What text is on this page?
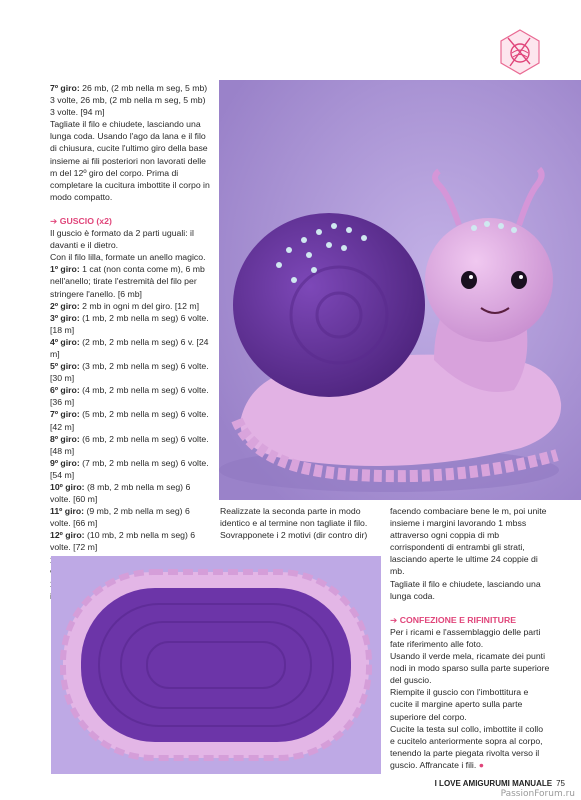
7º giro: 26 mb, (2 mb nella m seg, 5 mb) 3 volte, 26 mb, (2 mb nella m seg, 5 mb) 3 volte. [94 m]

Tagliate il filo e chiudete, lasciando una lunga coda. Usando l'ago da lana e il filo di chiusura, cucite l'ultimo giro della base insieme ai fili posteriori non lavorati delle m del 12º giro del corpo. Prima di completare la cucitura imbottite il corpo in modo compatto.

➔ GUSCIO (x2)

Il guscio è formato da 2 parti uguali: il davanti e il dietro.

Con il filo lilla, formate un anello magico.

1º giro: 1 cat (non conta come m), 6 mb nell'anello; tirate l'estremità del filo per stringere l'anello. [6 mb]

2º giro: 2 mb in ogni m del giro. [12 m]

3º giro: (1 mb, 2 mb nella m seg) 6 volte. [18 m]

4º giro: (2 mb, 2 mb nella m seg) 6 v. [24 m]

5º giro: (3 mb, 2 mb nella m seg) 6 volte. [30 m]

6º giro: (4 mb, 2 mb nella m seg) 6 volte. [36 m]

7º giro: (5 mb, 2 mb nella m seg) 6 volte. [42 m]

8º giro: (6 mb, 2 mb nella m seg) 6 volte. [48 m]

9º giro: (7 mb, 2 mb nella m seg) 6 volte. [54 m]

10º giro: (8 mb, 2 mb nella m seg) 6 volte. [60 m]

11º giro: (9 mb, 2 mb nella m seg) 6 volte. [66 m]

12º giro: (10 mb, 2 mb nella m seg) 6 volte. [72 m]

Realizzate la seconda parte in modo identico e al termine non tagliate il filo. Sovrapponete i 2 motivi (dir contro dir)

facendo combaciare bene le m, poi unite insieme i margini lavorando 1 mbss attraverso ogni coppia di mb corrispondenti di entrambi gli strati, lasciando aperte le ultime 24 coppie di mb.

Tagliate il filo e chiudete, lasciando una lunga coda.

➔ CONFEZIONE E RIFINITURE

Per i ricami e l'assemblaggio delle parti fate riferimento alle foto.

Usando il verde mela, ricamate dei punti nodi in modo sparso sulla parte superiore del guscio.

Riempite il guscio con l'imbottitura e cucite il margine aperto sulla parte superiore del corpo.

Cucite la testa sul collo, imbottite il collo e cucitelo anteriormente sopra al corpo, tenendo la parte piegata rivolta verso il guscio. Affrancate i fili. ●

I LOVE AMIGURUMI MANUALE 75
PassionForum.ru
